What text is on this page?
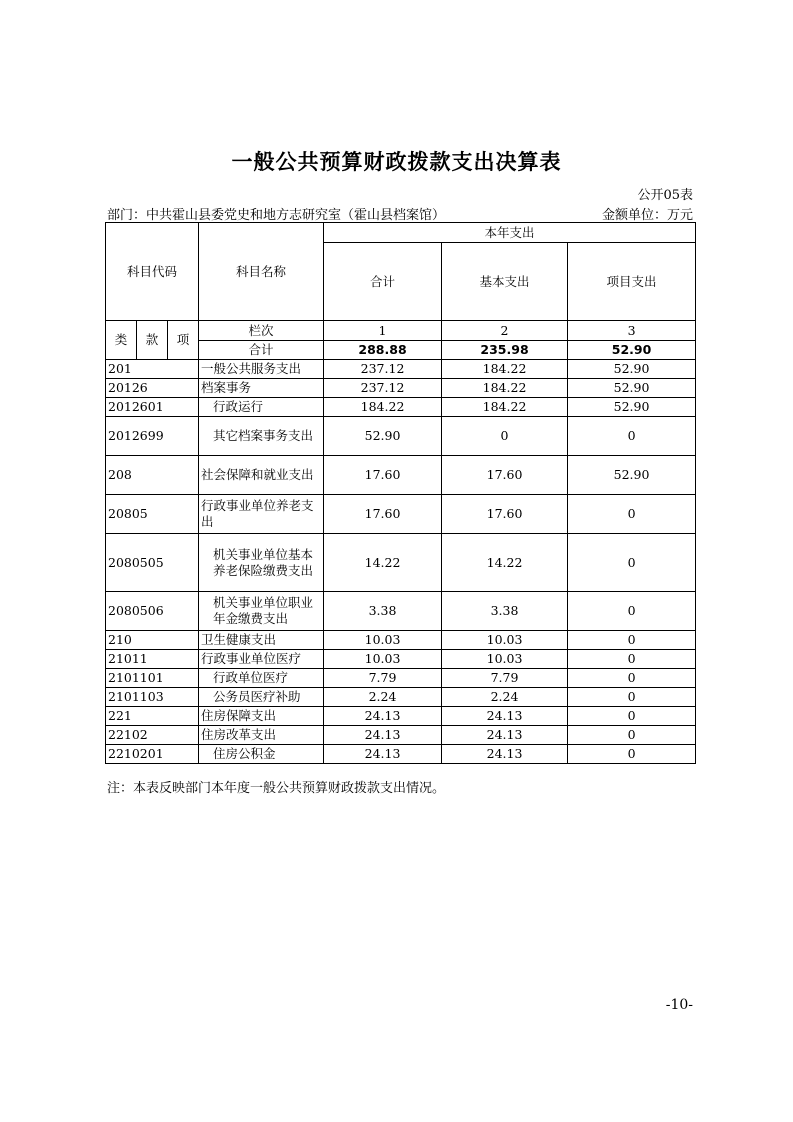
一般公共预算财政拨款支出决算表
公开05表
部门：中共霍山县委党史和地方志研究室（霍山县档案馆）	金额单位：万元
科目代码			科目名称	本年支出		
				合计	基本支出	项目支出
类	款	项	栏次	1	2	3
			合计	288.88	235.98	52.90
201			一般公共服务支出	237.12	184.22	52.90
20126			档案事务	237.12	184.22	52.90
2012601			行政运行	184.22	184.22	52.90
2012699			其它档案事务支出	52.90	0	0
208			社会保障和就业支出	17.60	17.60	52.90
20805			行政事业单位养老支出	17.60	17.60	0
2080505			机关事业单位基本养老保险缴费支出	14.22	14.22	0
2080506			机关事业单位职业年金缴费支出	3.38	3.38	0
210			卫生健康支出	10.03	10.03	0
21011			行政事业单位医疗	10.03	10.03	0
2101101			行政单位医疗	7.79	7.79	0
2101103			公务员医疗补助	2.24	2.24	0
221			住房保障支出	24.13	24.13	0
22102			住房改革支出	24.13	24.13	0
2210201			住房公积金	24.13	24.13	0
注：本表反映部门本年度一般公共预算财政拨款支出情况。
-10-
